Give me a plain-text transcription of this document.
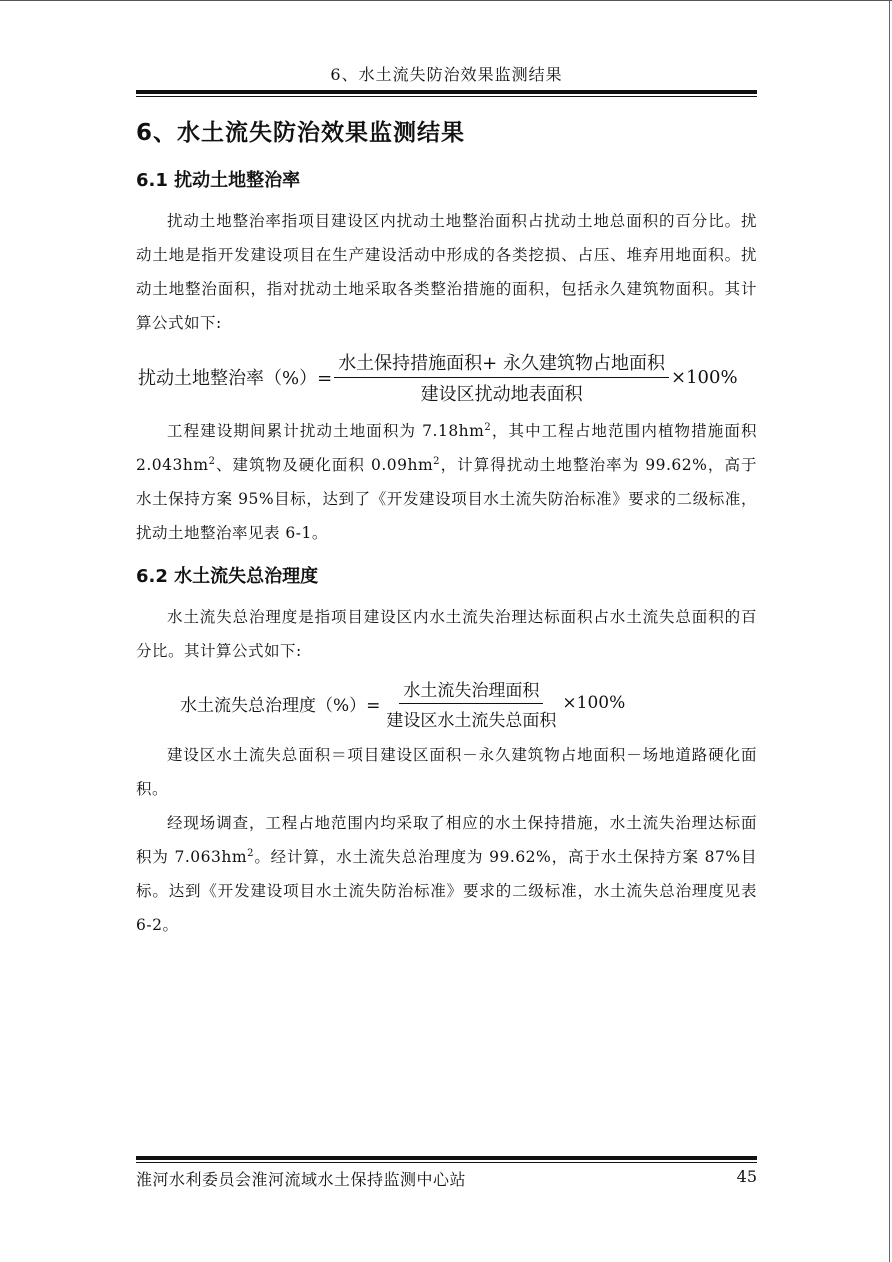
6、水土流失防治效果监测结果
6、水土流失防治效果监测结果
6.1 扰动土地整治率

扰动土地整治率指项目建设区内扰动土地整治面积占扰动土地总面积的百分比。扰动土地是指开发建设项目在生产建设活动中形成的各类挖损、占压、堆弃用地面积。扰动土地整治面积，指对扰动土地采取各类整治措施的面积，包括永久建筑物面积。其计算公式如下:

扰动土地整治率（%）= $\frac{\text{水土保持措施面积+ 永久建筑物占地面积}}{\text{建设区扰动地表面积}} \times 100\%$

工程建设期间累计扰动土地面积为 $7.18hm^2$，其中工程占地范围内植物措施面积 $2.043hm^2$、建筑物及硬化面积 $0.09hm^2$，计算得扰动土地整治率为 99.62%，高于水土保持方案 95%目标，达到了《开发建设项目水土流失防治标准》要求的二级标准，扰动土地整治率见表 6-1。

6.2 水土流失总治理度

水土流失总治理度是指项目建设区内水土流失治理达标面积占水土流失总面积的百分比。其计算公式如下:

水土流失总治理度（%）= $\frac{\text{水土流失治理面积}}{\text{建设区水土流失总面积}} \times 100\%$

建设区水土流失总面积＝项目建设区面积－永久建筑物占地面积－场地道路硬化面积。

经现场调查，工程占地范围内均采取了相应的水土保持措施，水土流失治理达标面积为 $7.063hm^2$。经计算，水土流失总治理度为 99.62%，高于水土保持方案 87%目标。达到《开发建设项目水土流失防治标准》要求的二级标准，水土流失总治理度见表 6-2。

淮河水利委员会淮河流域水土保持监测中心站	45
